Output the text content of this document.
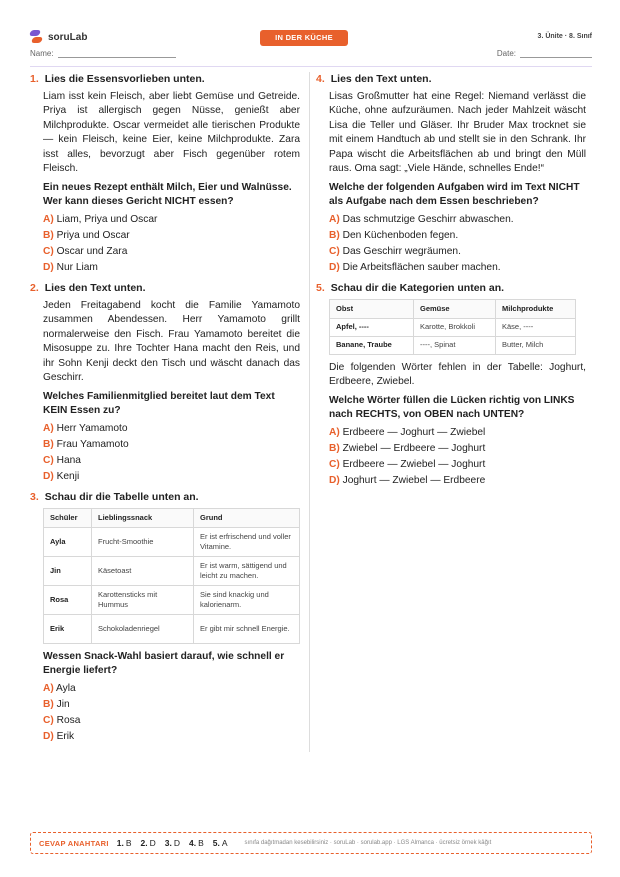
soruLab	IN DER KÜCHE	3. Ünite · 8. Sınıf
Name:	Date:
1. Lies die Essensvorlieben unten.
Liam isst kein Fleisch, aber liebt Gemüse und Getreide. Priya ist allergisch gegen Nüsse, genießt aber Milchprodukte. Oscar vermeidet alle tierischen Produkte — kein Fleisch, keine Eier, keine Milchprodukte. Zara isst alles, bevorzugt aber Fisch gegenüber rotem Fleisch.
Ein neues Rezept enthält Milch, Eier und Walnüsse. Wer kann dieses Gericht NICHT essen?
A) Liam, Priya und Oscar
B) Priya und Oscar
C) Oscar und Zara
D) Nur Liam
2. Lies den Text unten.
Jeden Freitagabend kocht die Familie Yamamoto zusammen Abendessen. Herr Yamamoto grillt normalerweise den Fisch. Frau Yamamoto bereitet die Misosuppe zu. Ihre Tochter Hana macht den Reis, und ihr Sohn Kenji deckt den Tisch und wäscht danach das Geschirr.
Welches Familienmitglied bereitet laut dem Text KEIN Essen zu?
A) Herr Yamamoto
B) Frau Yamamoto
C) Hana
D) Kenji
3. Schau dir die Tabelle unten an.
Schüler	Lieblingssnack	Grund
Ayla	Frucht-Smoothie	Er ist erfrischend und voller Vitamine.
Jin	Käsetoast	Er ist warm, sättigend und leicht zu machen.
Rosa	Karottensticks mit Hummus	Sie sind knackig und kalorienarm.
Erik	Schokoladenriegel	Er gibt mir schnell Energie.
Wessen Snack-Wahl basiert darauf, wie schnell er Energie liefert?
A) Ayla
B) Jin
C) Rosa
D) Erik
4. Lies den Text unten.
Lisas Großmutter hat eine Regel: Niemand verlässt die Küche, ohne aufzuräumen. Nach jeder Mahlzeit wäscht Lisa die Teller und Gläser. Ihr Bruder Max trocknet sie mit einem Handtuch ab und stellt sie in den Schrank. Ihr Papa wischt die Arbeitsflächen ab und bringt den Müll raus. Oma sagt: „Viele Hände, schnelles Ende!“
Welche der folgenden Aufgaben wird im Text NICHT als Aufgabe nach dem Essen beschrieben?
A) Das schmutzige Geschirr abwaschen.
B) Den Küchenboden fegen.
C) Das Geschirr wegräumen.
D) Die Arbeitsflächen sauber machen.
5. Schau dir die Kategorien unten an.
Obst	Gemüse	Milchprodukte
Apfel, ----	Karotte, Brokkoli	Käse, ----
Banane, Traube	----, Spinat	Butter, Milch
Die folgenden Wörter fehlen in der Tabelle: Joghurt, Erdbeere, Zwiebel.
Welche Wörter füllen die Lücken richtig von LINKS nach RECHTS, von OBEN nach UNTEN?
A) Erdbeere — Joghurt — Zwiebel
B) Zwiebel — Erdbeere — Joghurt
C) Erdbeere — Zwiebel — Joghurt
D) Joghurt — Zwiebel — Erdbeere
CEVAP ANAHTARI 1. B 2. D 3. D 4. B 5. A	sınıfa dağıtmadan kesebilirsiniz · soruLab · sorulab.app · LGS Almanca · ücretsiz örnek kâğıt
